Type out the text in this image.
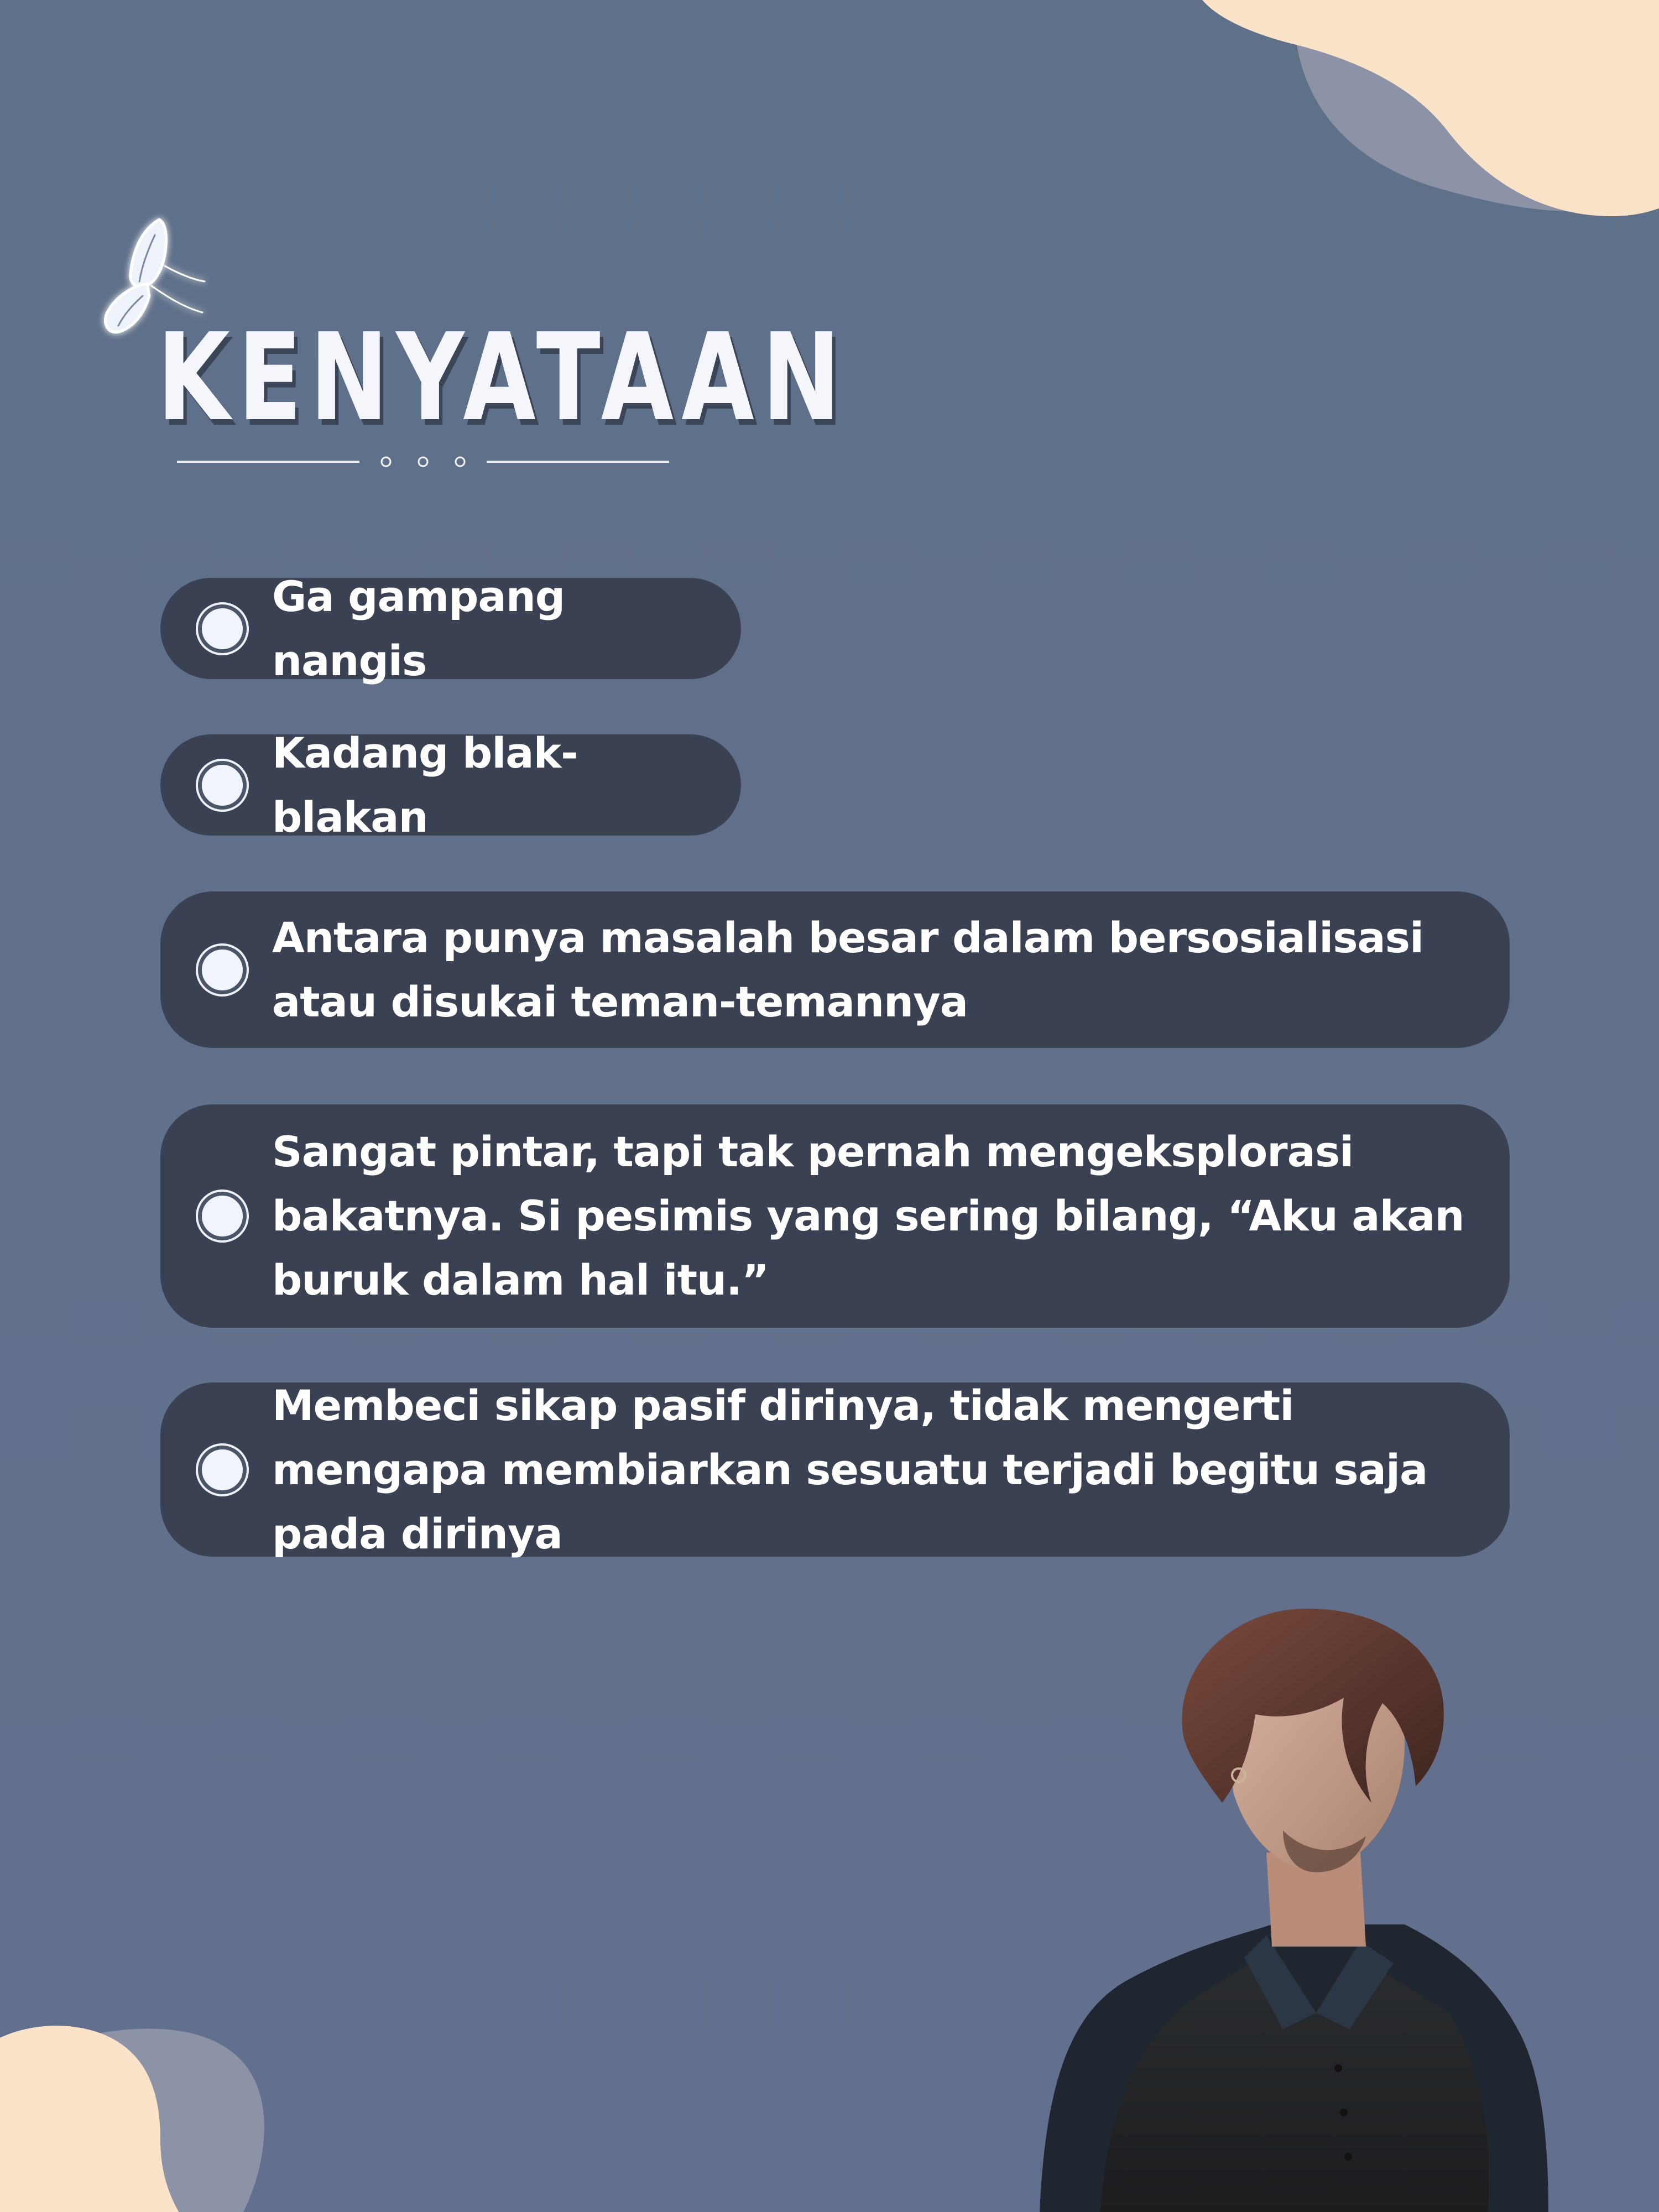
KENYATAAN
Ga gampang nangis
Kadang blak-blakan
Antara punya masalah besar dalam bersosialisasi atau disukai teman-temannya
Sangat pintar, tapi tak pernah mengeksplorasi bakatnya. Si pesimis yang sering bilang, “Aku akan buruk dalam hal itu.”
Membeci sikap pasif dirinya, tidak mengerti mengapa membiarkan sesuatu terjadi begitu saja pada dirinya
